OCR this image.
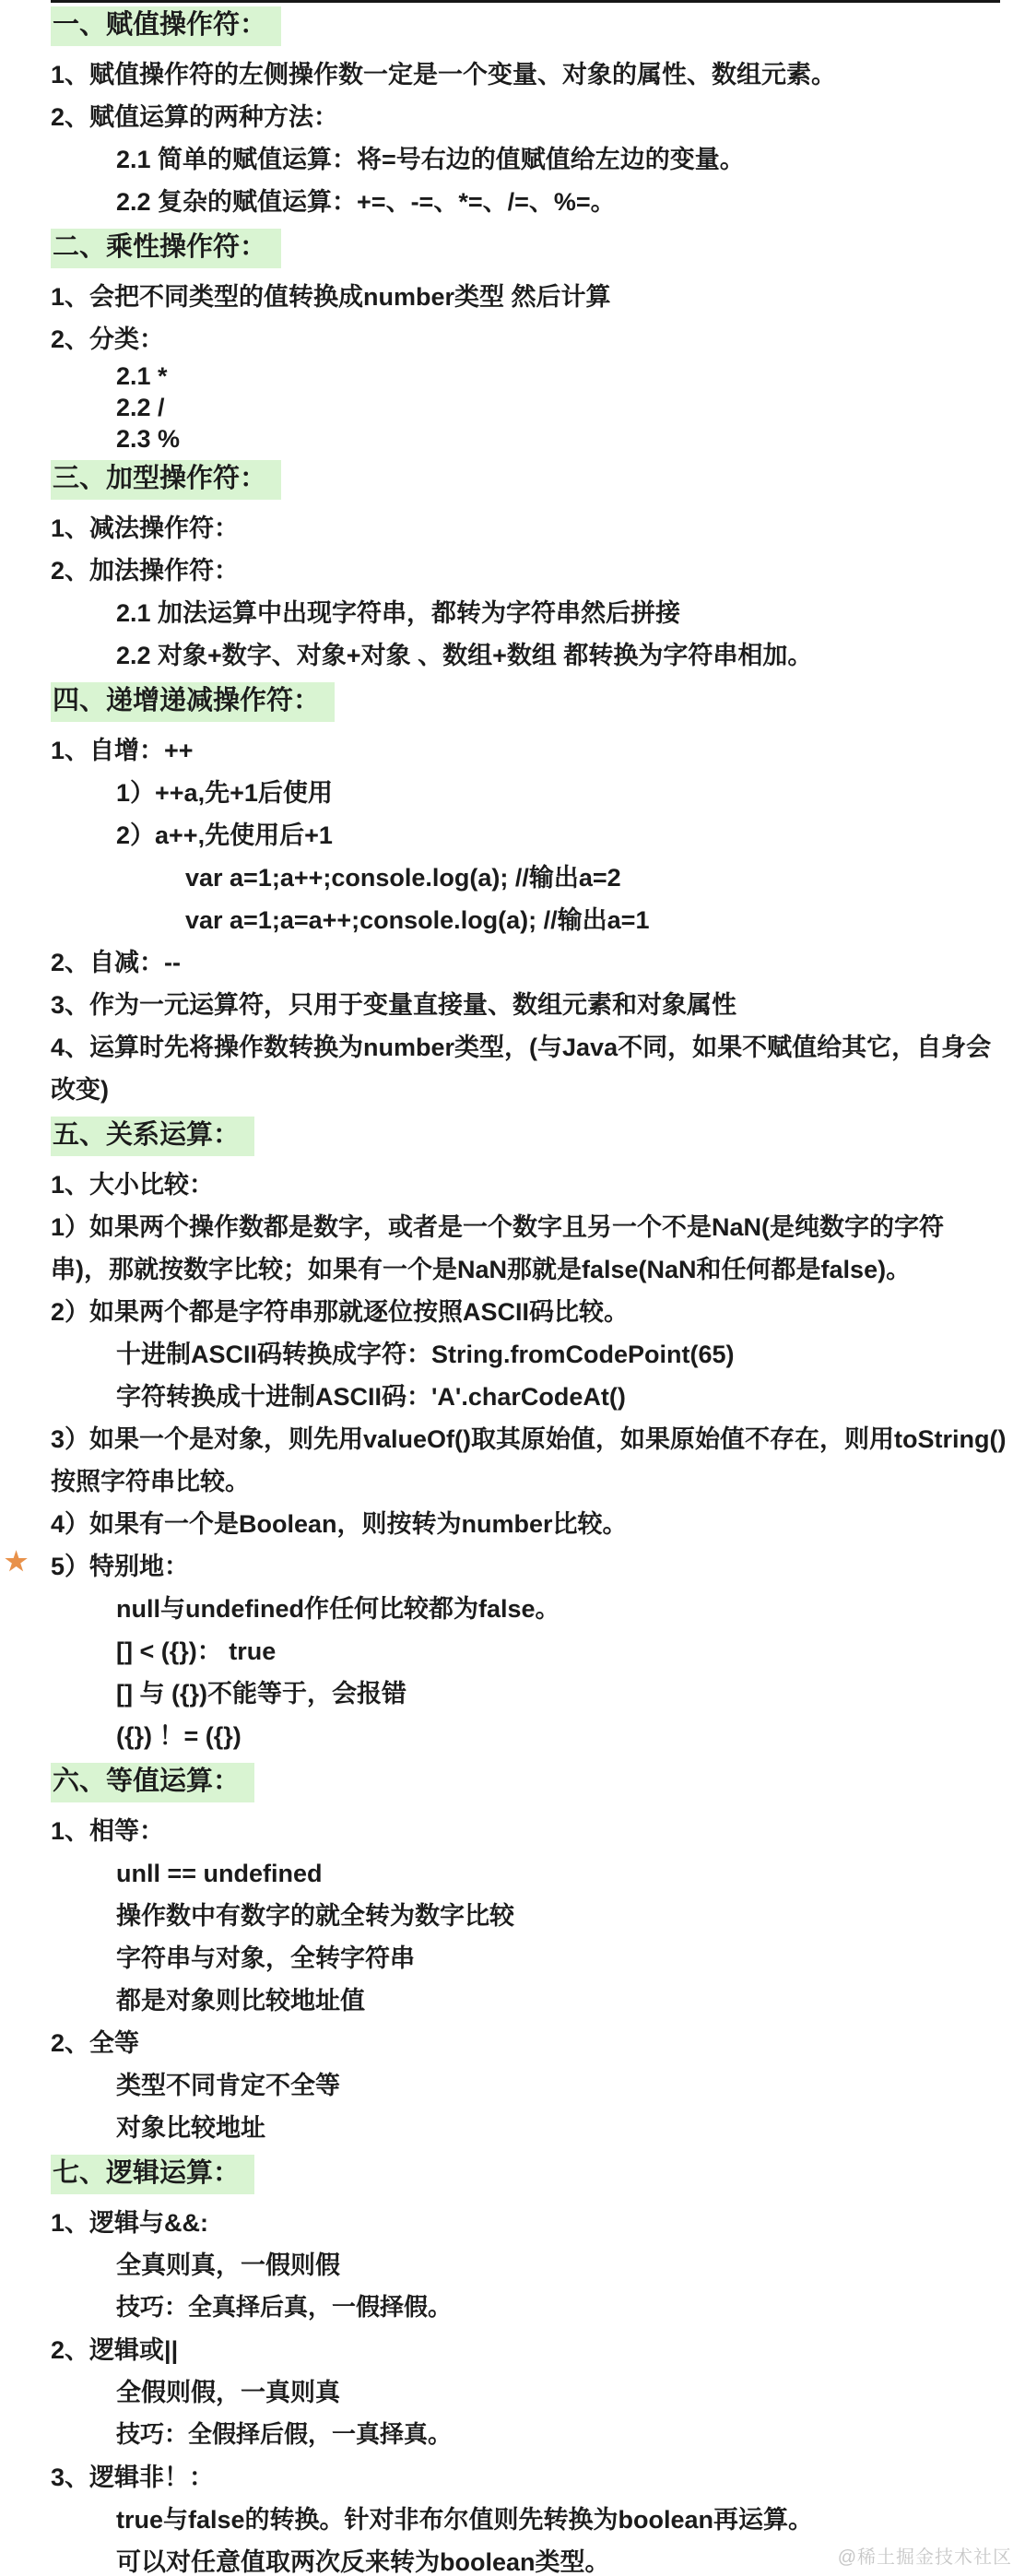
一、赋值操作符：
1、赋值操作符的左侧操作数一定是一个变量、对象的属性、数组元素。
2、赋值运算的两种方法：
2.1 简单的赋值运算：将=号右边的值赋值给左边的变量。
2.2 复杂的赋值运算：+=、-=、*=、/=、%=。
二、乘性操作符：
1、会把不同类型的值转换成number类型 然后计算
2、分类：
2.1 *
2.2 /
2.3 %
三、加型操作符：
1、减法操作符：
2、加法操作符：
2.1 加法运算中出现字符串，都转为字符串然后拼接
2.2 对象+数字、对象+对象 、数组+数组 都转换为字符串相加。
四、递增递减操作符：
1、自增：++
1）++a,先+1后使用
2）a++,先使用后+1
var a=1;a++;console.log(a); //输出a=2
var a=1;a=a++;console.log(a); //输出a=1
2、自减：--
3、作为一元运算符，只用于变量直接量、数组元素和对象属性
4、运算时先将操作数转换为number类型，(与Java不同，如果不赋值给其它，自身会
改变)
五、关系运算：
1、大小比较：
1）如果两个操作数都是数字，或者是一个数字且另一个不是NaN(是纯数字的字符
串)，那就按数字比较；如果有一个是NaN那就是false(NaN和任何都是false)。
2）如果两个都是字符串那就逐位按照ASCII码比较。
十进制ASCII码转换成字符：String.fromCodePoint(65)
字符转换成十进制ASCII码：'A'.charCodeAt()
3）如果一个是对象，则先用valueOf()取其原始值，如果原始值不存在，则用toString()
按照字符串比较。
4）如果有一个是Boolean，则按转为number比较。
★ 5）特别地：
null与undefined作任何比较都为false。
[] < ({})： true
[] 与 ({})不能等于，会报错
({}) ！= ({})
六、等值运算：
1、相等：
unll == undefined
操作数中有数字的就全转为数字比较
字符串与对象，全转字符串
都是对象则比较地址值
2、全等
类型不同肯定不全等
对象比较地址
七、逻辑运算：
1、逻辑与&&:
全真则真，一假则假
技巧：全真择后真，一假择假。
2、逻辑或||
全假则假，一真则真
技巧：全假择后假，一真择真。
3、逻辑非！：
true与false的转换。针对非布尔值则先转换为boolean再运算。
可以对任意值取两次反来转为boolean类型。	@稀土掘金技术社区
